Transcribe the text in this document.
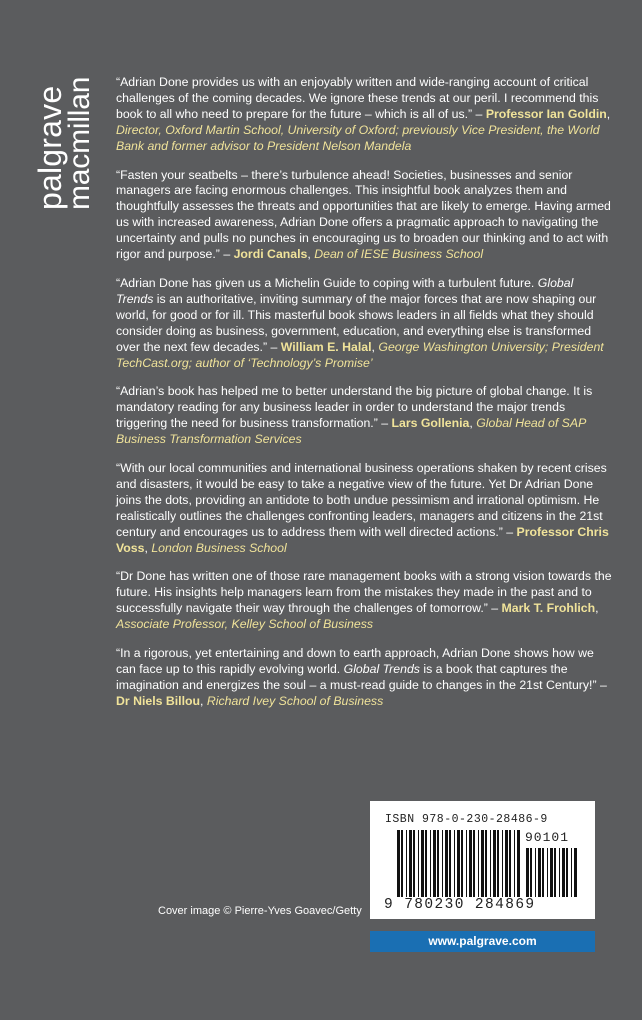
palgrave
macmillan “Adrian Done provides us with an enjoyably written and wide-ranging account of critical challenges of the coming decades. We ignore these trends at our peril. I recommend this book to all who need to prepare for the future – which is all of us.” – Professor Ian Goldin, Director, Oxford Martin School, University of Oxford; previously Vice President, the World Bank and former advisor to President Nelson Mandela

“Fasten your seatbelts – there’s turbulence ahead! Societies, businesses and senior managers are facing enormous challenges. This insightful book analyzes them and thoughtfully assesses the threats and opportunities that are likely to emerge. Having armed us with increased awareness, Adrian Done offers a pragmatic approach to navigating the uncertainty and pulls no punches in encouraging us to broaden our thinking and to act with rigor and purpose.” – Jordi Canals, Dean of IESE Business School

“Adrian Done has given us a Michelin Guide to coping with a turbulent future. Global Trends is an authoritative, inviting summary of the major forces that are now shaping our world, for good or for ill. This masterful book shows leaders in all fields what they should consider doing as business, government, education, and everything else is transformed over the next few decades.” – William E. Halal, George Washington University; President TechCast.org; author of ‘Technology’s Promise’

“Adrian’s book has helped me to better understand the big picture of global change. It is mandatory reading for any business leader in order to understand the major trends triggering the need for business transformation.” – Lars Gollenia, Global Head of SAP Business Transformation Services

“With our local communities and international business operations shaken by recent crises and disasters, it would be easy to take a negative view of the future. Yet Dr Adrian Done joins the dots, providing an antidote to both undue pessimism and irrational optimism. He realistically outlines the challenges confronting leaders, managers and citizens in the 21st century and encourages us to address them with well directed actions.” – Professor Chris Voss, London Business School

“Dr Done has written one of those rare management books with a strong vision towards the future. His insights help managers learn from the mistakes they made in the past and to successfully navigate their way through the challenges of tomorrow.” – Mark T. Frohlich, Associate Professor, Kelley School of Business

“In a rigorous, yet entertaining and down to earth approach, Adrian Done shows how we can face up to this rapidly evolving world. Global Trends is a book that captures the imagination and energizes the soul – a must-read guide to changes in the 21st Century!” – Dr Niels Billou, Richard Ivey School of Business

Cover image © Pierre-Yves Goavec/Getty
ISBN 978-0-230-28486-9
90101
9 780230 284869
www.palgrave.com
